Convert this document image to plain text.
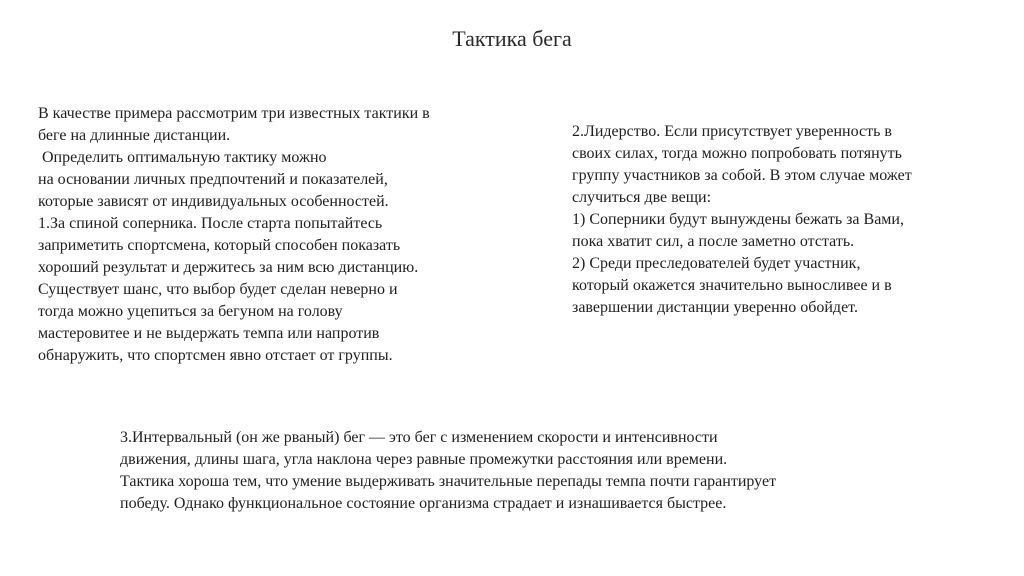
Тактика бега
В качестве примера рассмотрим три известных тактики в
беге на длинные дистанции.
Определить оптимальную тактику можно
на основании личных предпочтений и показателей,
которые зависят от индивидуальных особенностей.
1.За спиной соперника. После старта попытайтесь
заприметить спортсмена, который способен показать
хороший результат и держитесь за ним всю дистанцию.
Существует шанс, что выбор будет сделан неверно и
тогда можно уцепиться за бегуном на голову
мастеровитее и не выдержать темпа или напротив
обнаружить, что спортсмен явно отстает от группы.
2.Лидерство. Если присутствует уверенность в
своих силах, тогда можно попробовать потянуть
группу участников за собой. В этом случае может
случиться две вещи:
1) Соперники будут вынуждены бежать за Вами,
пока хватит сил, а после заметно отстать.
2) Среди преследователей будет участник,
который окажется значительно выносливее и в
завершении дистанции уверенно обойдет.
3.Интервальный (он же рваный) бег — это бег с изменением скорости и интенсивности
движения, длины шага, угла наклона через равные промежутки расстояния или времени.
Тактика хороша тем, что умение выдерживать значительные перепады темпа почти гарантирует
победу. Однако функциональное состояние организма страдает и изнашивается быстрее.
